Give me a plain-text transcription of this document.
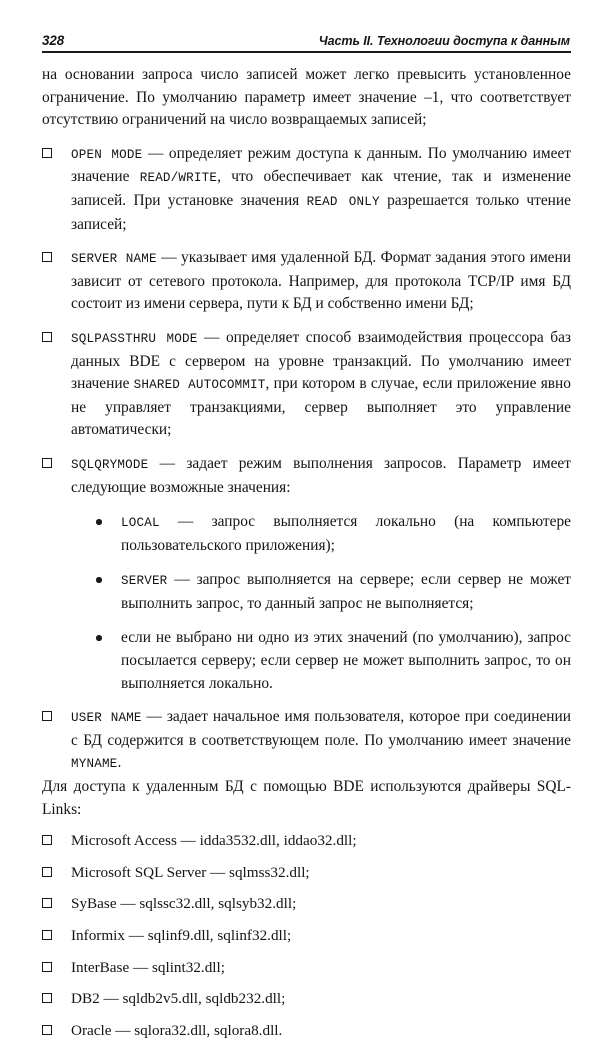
328	Часть II. Технологии доступа к данным

на основании запроса число записей может легко превысить установленное ограничение. По умолчанию параметр имеет значение –1, что соответствует отсутствию ограничений на число возвращаемых записей;

OPEN MODE — определяет режим доступа к данным. По умолчанию имеет значение READ/WRITE, что обеспечивает как чтение, так и изменение записей. При установке значения READ ONLY разрешается только чтение записей;
SERVER NAME — указывает имя удаленной БД. Формат задания этого имени зависит от сетевого протокола. Например, для протокола TCP/IP имя БД состоит из имени сервера, пути к БД и собственно имени БД;
SQLPASSTHRU MODE — определяет способ взаимодействия процессора баз данных BDE с сервером на уровне транзакций. По умолчанию имеет значение SHARED AUTOCOMMIT, при котором в случае, если приложение явно не управляет транзакциями, сервер выполняет это управление автоматически;
SQLQRYMODE — задает режим выполнения запросов. Параметр имеет следующие возможные значения:
LOCAL — запрос выполняется локально (на компьютере пользовательского приложения);
SERVER — запрос выполняется на сервере; если сервер не может выполнить запрос, то данный запрос не выполняется;
если не выбрано ни одно из этих значений (по умолчанию), запрос посылается серверу; если сервер не может выполнить запрос, то он выполняется локально.
USER NAME — задает начальное имя пользователя, которое при соединении с БД содержится в соответствующем поле. По умолчанию имеет значение MYNAME.

Для доступа к удаленным БД с помощью BDE используются драйверы SQL-Links:

Microsoft Access — idda3532.dll, iddao32.dll;
Microsoft SQL Server — sqlmss32.dll;
SyBase — sqlssc32.dll, sqlsyb32.dll;
Informix — sqlinf9.dll, sqlinf32.dll;
InterBase — sqlint32.dll;
DB2 — sqldb2v5.dll, sqldb232.dll;
Oracle — sqlora32.dll, sqlora8.dll.
